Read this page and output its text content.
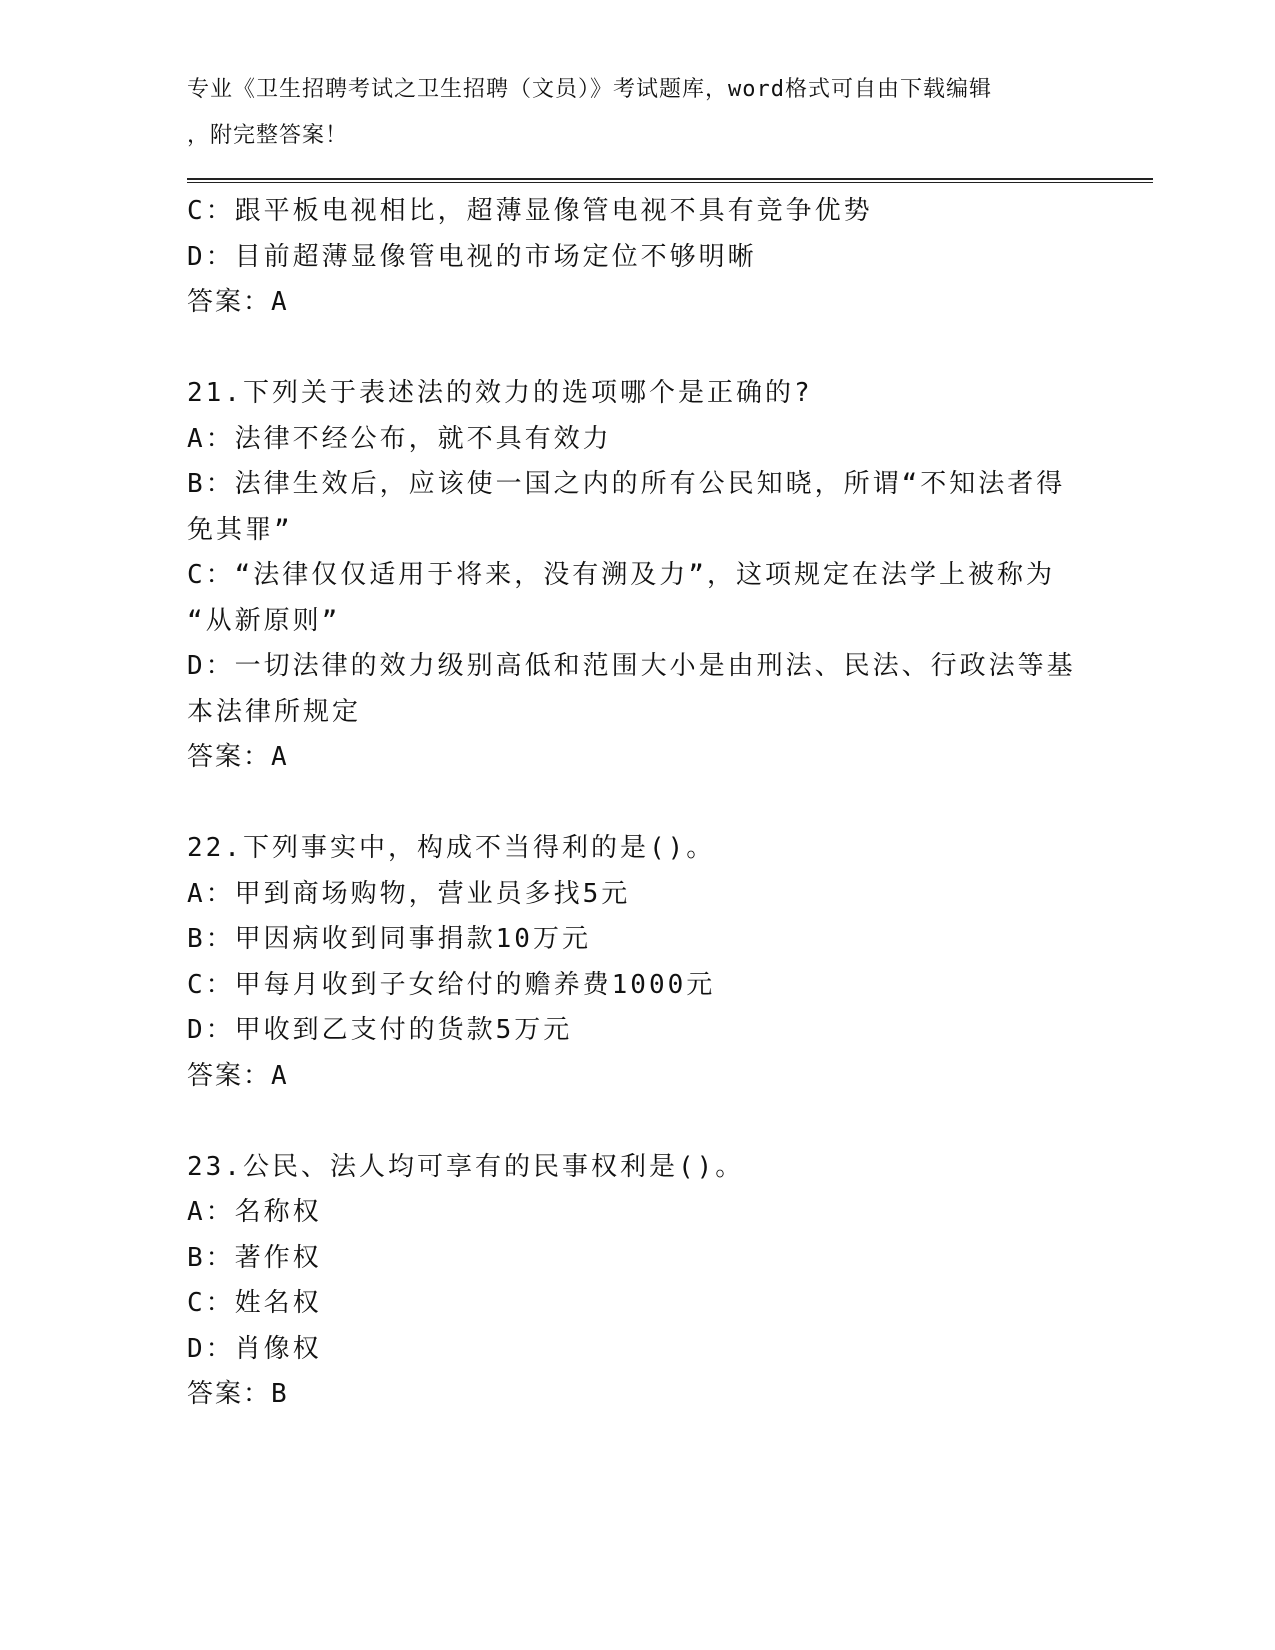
专业《卫生招聘考试之卫生招聘（文员）》考试题库，word格式可自由下载编辑
，附完整答案！
C：跟平板电视相比，超薄显像管电视不具有竞争优势
D：目前超薄显像管电视的市场定位不够明晰
答案：A
21.下列关于表述法的效力的选项哪个是正确的?
A：法律不经公布，就不具有效力
B：法律生效后，应该使一国之内的所有公民知晓，所谓“不知法者得
免其罪”
C：“法律仅仅适用于将来，没有溯及力”，这项规定在法学上被称为
“从新原则”
D：一切法律的效力级别高低和范围大小是由刑法、民法、行政法等基
本法律所规定
答案：A
22.下列事实中，构成不当得利的是()。
A：甲到商场购物，营业员多找5元
B：甲因病收到同事捐款10万元
C：甲每月收到子女给付的赡养费1000元
D：甲收到乙支付的货款5万元
答案：A
23.公民、法人均可享有的民事权利是()。
A：名称权
B：著作权
C：姓名权
D：肖像权
答案：B
